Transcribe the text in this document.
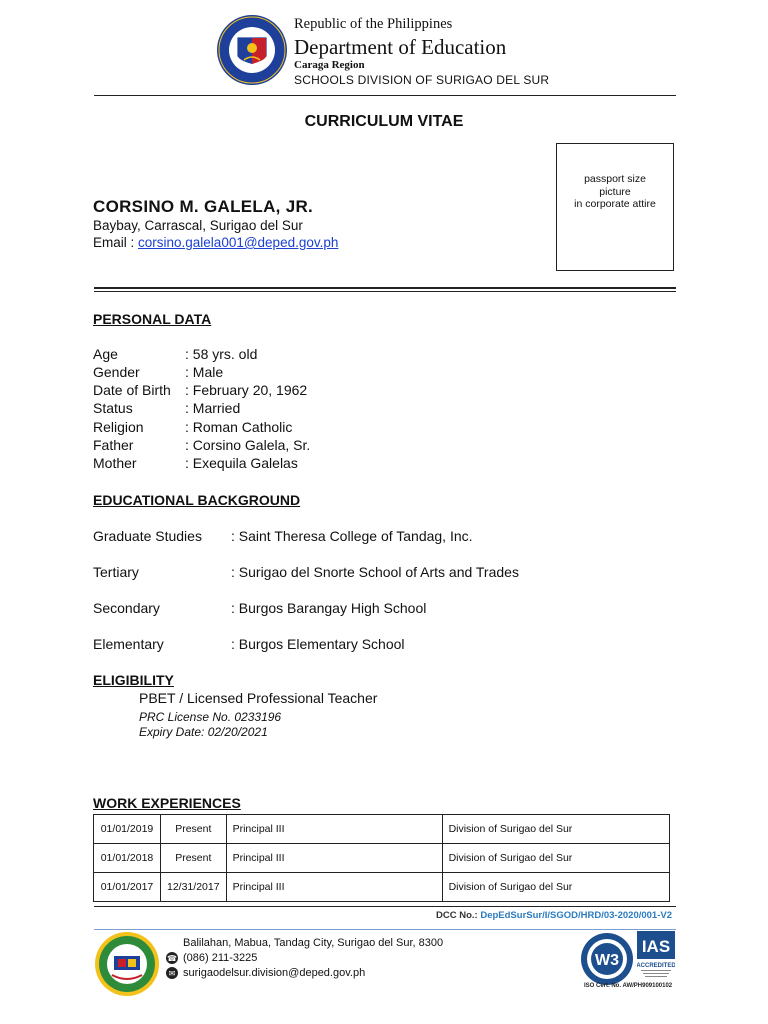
Republic of the Philippines
Department of Education
Caraga Region
SCHOOLS DIVISION OF SURIGAO DEL SUR
CURRICULUM VITAE
passport size
picture
in corporate attire
CORSINO M. GALELA, JR.
Baybay, Carrascal, Surigao del Sur
Email : corsino.galela001@deped.gov.ph
PERSONAL DATA
Age	: 58 yrs. old
Gender	: Male
Date of Birth	: February 20, 1962
Status	: Married
Religion	: Roman Catholic
Father	: Corsino Galela, Sr.
Mother	: Exequila Galelas
EDUCATIONAL BACKGROUND
Graduate Studies : Saint Theresa College of Tandag, Inc.
Tertiary	: Surigao del Snorte School of Arts and Trades
Secondary	: Burgos Barangay High School
Elementary	: Burgos Elementary School
ELIGIBILITY
PBET / Licensed Professional Teacher
PRC License No. 0233196
Expiry Date: 02/20/2021
WORK EXPERIENCES
01/01/2019	Present	Principal III	Division of Surigao del Sur
01/01/2018	Present	Principal III	Division of Surigao del Sur
01/01/2017	12/31/2017	Principal III	Division of Surigao del Sur
DCC No.: DepEdSurSur/I/SGOD/HRD/03-2020/001-V2
Balilahan, Mabua, Tandag City, Surigao del Sur, 8300
☎ (086) 211-3225
✉ surigaodelsur.division@deped.gov.ph
W3
IAS
ACCREDITED
ISO Cert. No. AW/PH909100102
